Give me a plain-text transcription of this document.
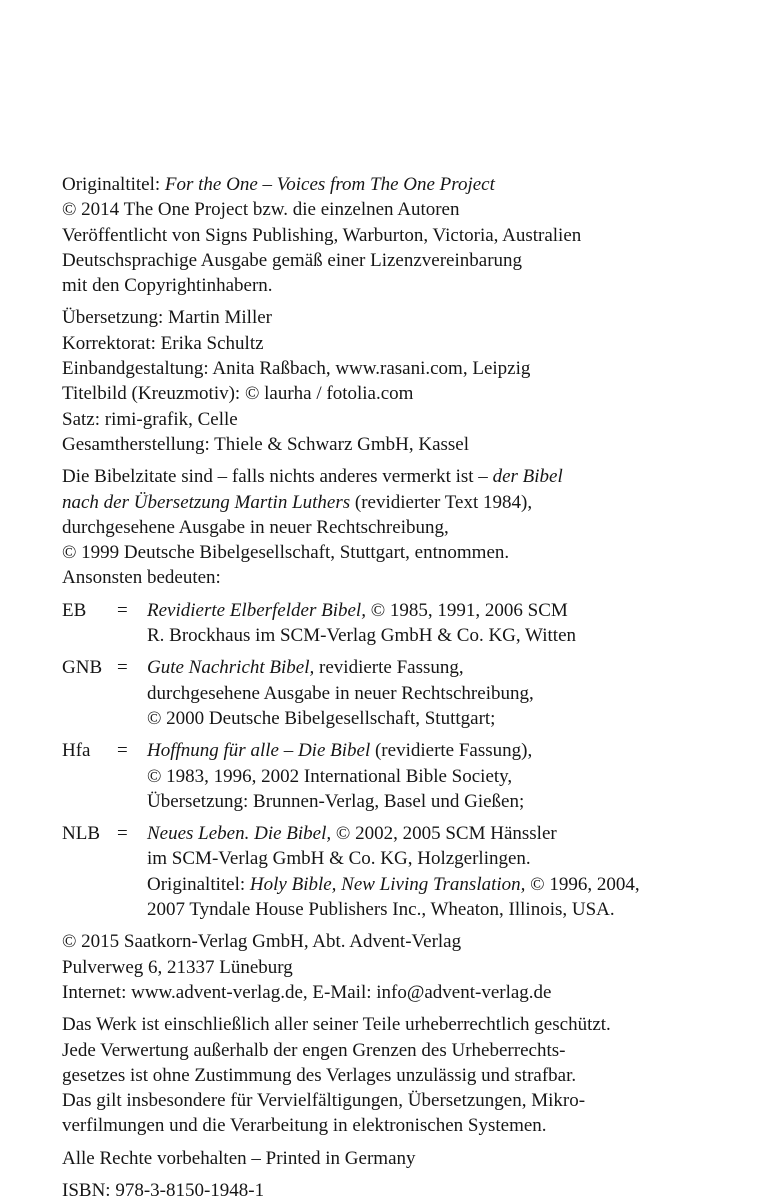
Originaltitel: For the One – Voices from The One Project
© 2014 The One Project bzw. die einzelnen Autoren
Veröffentlicht von Signs Publishing, Warburton, Victoria, Australien
Deutschsprachige Ausgabe gemäß einer Lizenzvereinbarung
mit den Copyrightinhabern.
Übersetzung: Martin Miller
Korrektorat: Erika Schultz
Einbandgestaltung: Anita Raßbach, www.rasani.com, Leipzig
Titelbild (Kreuzmotiv): © laurha / fotolia.com
Satz: rimi-grafik, Celle
Gesamtherstellung: Thiele & Schwarz GmbH, Kassel
Die Bibelzitate sind – falls nichts anderes vermerkt ist – der Bibel
nach der Übersetzung Martin Luthers (revidierter Text 1984),
durchgesehene Ausgabe in neuer Rechtschreibung,
© 1999 Deutsche Bibelgesellschaft, Stuttgart, entnommen.
Ansonsten bedeuten:
EB	=	Revidierte Elberfelder Bibel, © 1985, 1991, 2006 SCM
R. Brockhaus im SCM-Verlag GmbH & Co. KG, Witten
GNB =	Gute Nachricht Bibel, revidierte Fassung,
durchgesehene Ausgabe in neuer Rechtschreibung,
© 2000 Deutsche Bibelgesellschaft, Stuttgart;
Hfa	=	Hoffnung für alle – Die Bibel (revidierte Fassung),
© 1983, 1996, 2002 International Bible Society,
Übersetzung: Brunnen-Verlag, Basel und Gießen;
NLB =	Neues Leben. Die Bibel, © 2002, 2005 SCM Hänssler
im SCM-Verlag GmbH & Co. KG, Holzgerlingen.
Originaltitel: Holy Bible, New Living Translation, © 1996, 2004,
2007 Tyndale House Publishers Inc., Wheaton, Illinois, USA.
© 2015 Saatkorn-Verlag GmbH, Abt. Advent-Verlag
Pulverweg 6, 21337 Lüneburg
Internet: www.advent-verlag.de, E-Mail: info@advent-verlag.de
Das Werk ist einschließlich aller seiner Teile urheberrechtlich geschützt.
Jede Verwertung außerhalb der engen Grenzen des Urheberrechts-
gesetzes ist ohne Zustimmung des Verlages unzulässig und strafbar.
Das gilt insbesondere für Vervielfältigungen, Übersetzungen, Mikro-
verfilmungen und die Verarbeitung in elektronischen Systemen.
Alle Rechte vorbehalten – Printed in Germany
ISBN: 978-3-8150-1948-1
